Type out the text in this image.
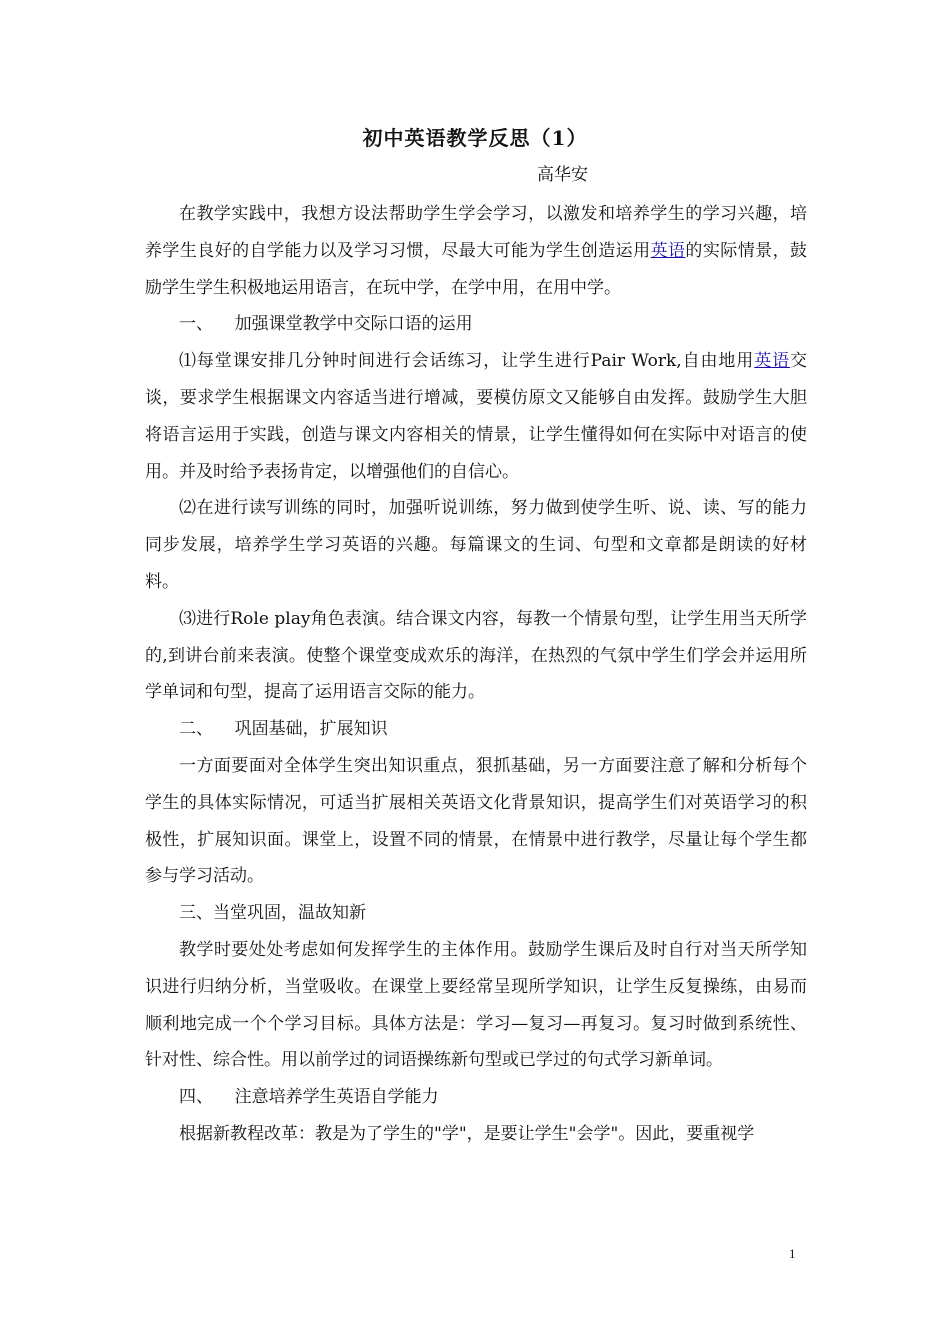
初中英语教学反思（1）
高华安

在教学实践中，我想方设法帮助学生学会学习，以激发和培养学生的学习兴趣，培养学生良好的自学能力以及学习习惯，尽最大可能为学生创造运用英语的实际情景，鼓励学生学生积极地运用语言，在玩中学，在学中用，在用中学。

一、    加强课堂教学中交际口语的运用

⑴每堂课安排几分钟时间进行会话练习，让学生进行Pair Work,自由地用英语交谈，要求学生根据课文内容适当进行增减，要模仿原文又能够自由发挥。鼓励学生大胆将语言运用于实践，创造与课文内容相关的情景，让学生懂得如何在实际中对语言的使用。并及时给予表扬肯定，以增强他们的自信心。

⑵在进行读写训练的同时，加强听说训练，努力做到使学生听、说、读、写的能力同步发展，培养学生学习英语的兴趣。每篇课文的生词、句型和文章都是朗读的好材料。

⑶进行Role play角色表演。结合课文内容，每教一个情景句型，让学生用当天所学的,到讲台前来表演。使整个课堂变成欢乐的海洋，在热烈的气氛中学生们学会并运用所学单词和句型，提高了运用语言交际的能力。

二、    巩固基础，扩展知识

一方面要面对全体学生突出知识重点，狠抓基础，另一方面要注意了解和分析每个学生的具体实际情况，可适当扩展相关英语文化背景知识，提高学生们对英语学习的积极性，扩展知识面。课堂上，设置不同的情景，在情景中进行教学，尽量让每个学生都参与学习活动。

三、当堂巩固，温故知新

教学时要处处考虑如何发挥学生的主体作用。鼓励学生课后及时自行对当天所学知识进行归纳分析，当堂吸收。在课堂上要经常呈现所学知识，让学生反复操练，由易而顺利地完成一个个学习目标。具体方法是：学习—复习—再复习。复习时做到系统性、针对性、综合性。用以前学过的词语操练新句型或已学过的句式学习新单词。

四、    注意培养学生英语自学能力

根据新教程改革：教是为了学生的"学"，是要让学生"会学"。因此，要重视学

1
